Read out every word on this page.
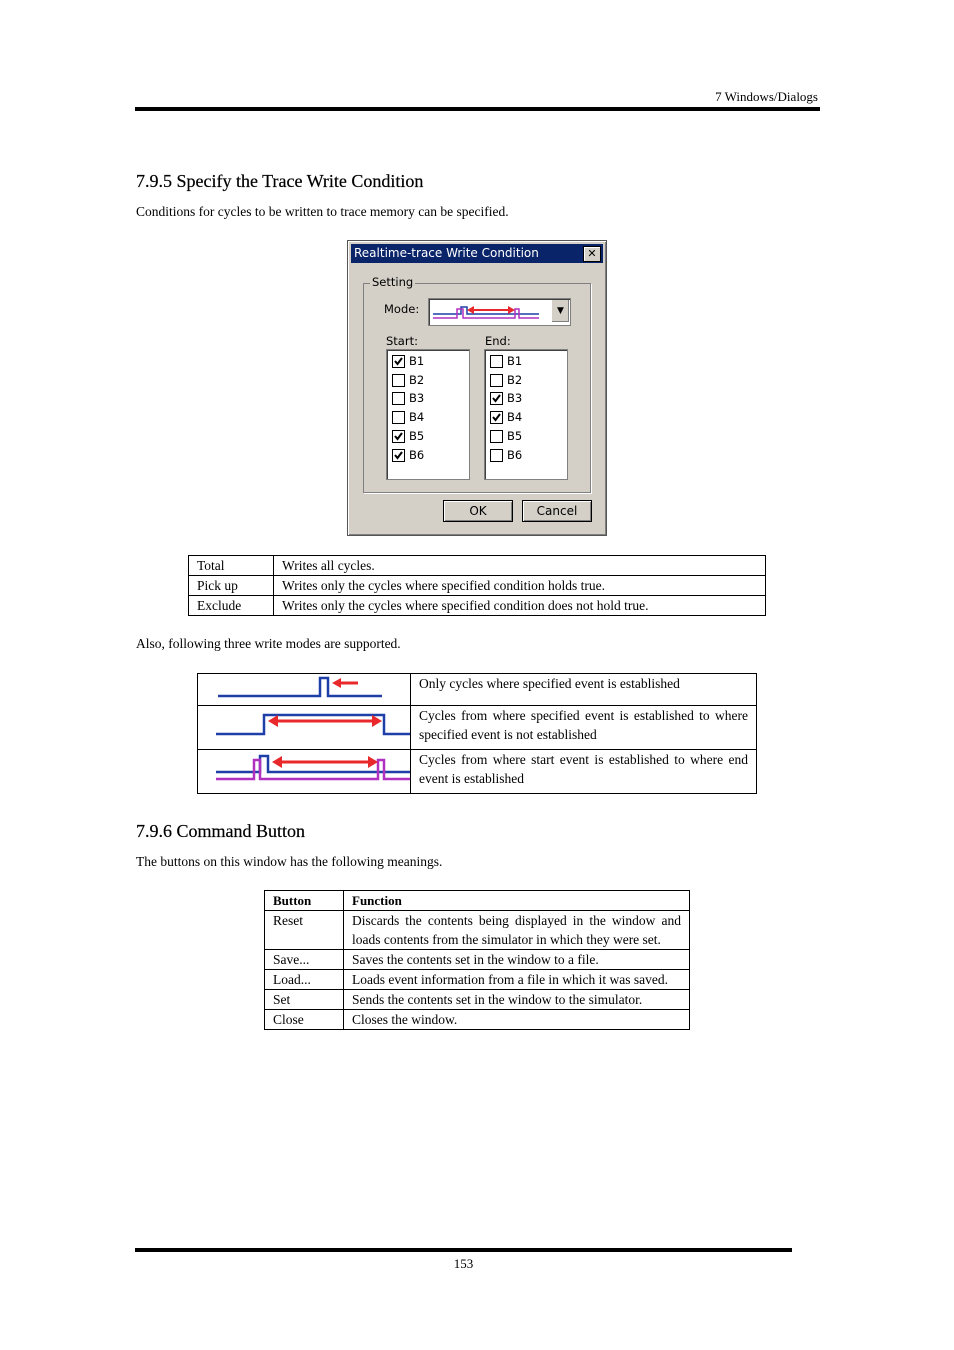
7 Windows/Dialogs
7.9.5 Specify the Trace Write Condition
Conditions for cycles to be written to trace memory can be specified.
Realtime-trace Write Condition	✕
Setting
Mode:	▼
Start:	End:
B1
B2
B3
B4
B5
B6
B1
B2
B3
B4
B5
B6
OK	Cancel
Total	Writes all cycles.
Pick up	Writes only the cycles where specified condition holds true.
Exclude	Writes only the cycles where specified condition does not hold true.
Also, following three write modes are supported.
	Only cycles where specified event is established
	Cycles from where specified event is established to where specified event is not established
	Cycles from where start event is established to where end event is established
7.9.6 Command Button
The buttons on this window has the following meanings.
Button	Function
Reset	Discards the contents being displayed in the window and loads contents from the simulator in which they were set.
Save...	Saves the contents set in the window to a file.
Load...	Loads event information from a file in which it was saved.
Set	Sends the contents set in the window to the simulator.
Close	Closes the window.
153
